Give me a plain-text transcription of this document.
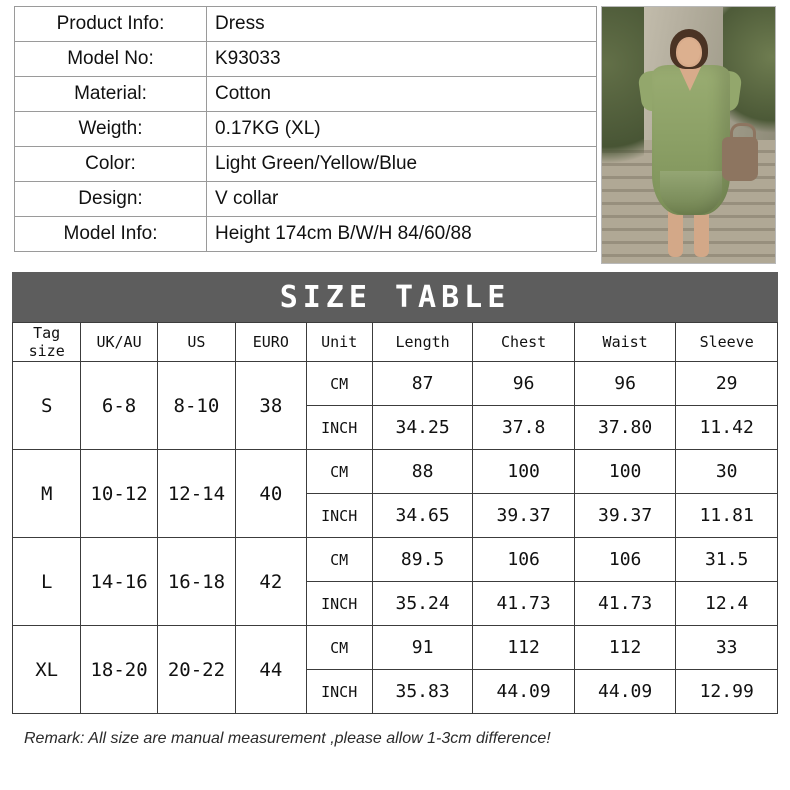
Product Info:	Dress
Model No:	K93033
Material:	Cotton
Weigth:	0.17KG (XL)
Color:	Light Green/Yellow/Blue
Design:	V collar
Model Info:	Height 174cm B/W/H 84/60/88
SIZE TABLE
Tag size	UK/AU	US	EURO	Unit	Length	Chest	Waist	Sleeve
S	6-8	8-10	38	CM	87	96	96	29
				INCH	34.25	37.8	37.80	11.42
M	10-12	12-14	40	CM	88	100	100	30
				INCH	34.65	39.37	39.37	11.81
L	14-16	16-18	42	CM	89.5	106	106	31.5
				INCH	35.24	41.73	41.73	12.4
XL	18-20	20-22	44	CM	91	112	112	33
				INCH	35.83	44.09	44.09	12.99
Remark: All size are manual measurement ,please allow 1-3cm difference!
